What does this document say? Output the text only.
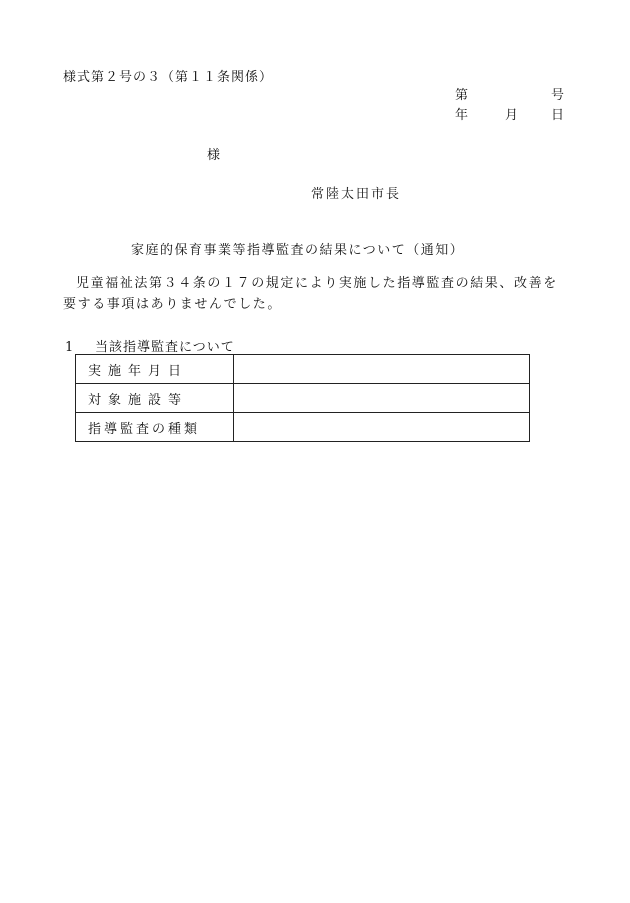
様式第２号の３（第１１条関係）
第	号
年	月	日
様
常陸太田市長
家庭的保育事業等指導監査の結果について（通知）
児童福祉法第３４条の１７の規定により実施した指導監査の結果、改善を要する事項はありませんでした。
1 当該指導監査について
実施年月日	
対象施設等	
指導監査の種類	
